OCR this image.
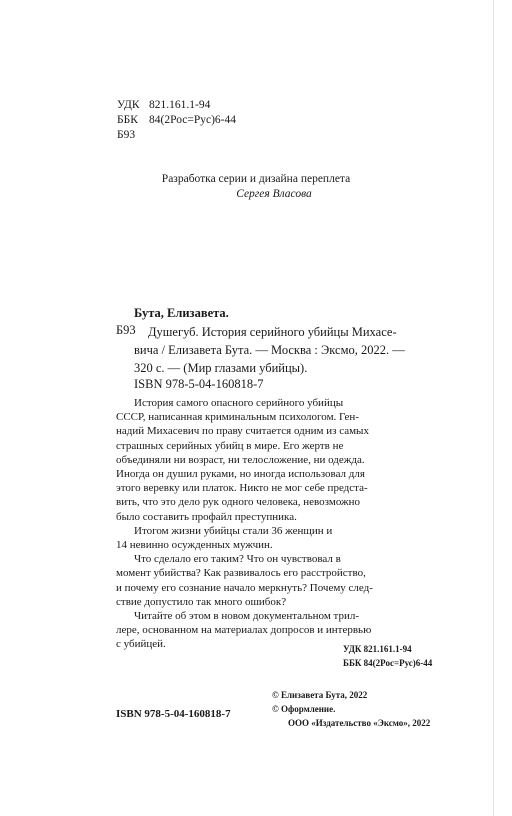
УДК 821.161.1-94
ББК 84(2Рос=Рус)6-44
Б93
Разработка серии и дизайна переплета
Сергея Власова
Бута, Елизавета.
Б93 Душегуб. История серийного убийцы Михасе-
вича / Елизавета Бута. — Москва : Эксмо, 2022. —
320 с. — (Мир глазами убийцы).
ISBN 978-5-04-160818-7
История самого опасного серийного убийцы
СССР, написанная криминальным психологом. Ген-
надий Михасевич по праву считается одним из самых
страшных серийных убийц в мире. Его жертв не
объединяли ни возраст, ни телосложение, ни одежда.
Иногда он душил руками, но иногда использовал для
этого веревку или платок. Никто не мог себе предста-
вить, что это дело рук одного человека, невозможно
было составить профайл преступника.
Итогом жизни убийцы стали 36 женщин и
14 невинно осужденных мужчин.
Что сделало его таким? Что он чувствовал в
момент убийства? Как развивалось его расстройство,
и почему его сознание начало меркнуть? Почему след-
ствие допустило так много ошибок?
Читайте об этом в новом документальном трил-
лере, основанном на материалах допросов и интервью
с убийцей.	УДК 821.161.1-94
ББК 84(2Рос=Рус)6-44
© Елизавета Бута, 2022
© Оформление.
ООО «Издательство «Эксмо», 2022
ISBN 978-5-04-160818-7
